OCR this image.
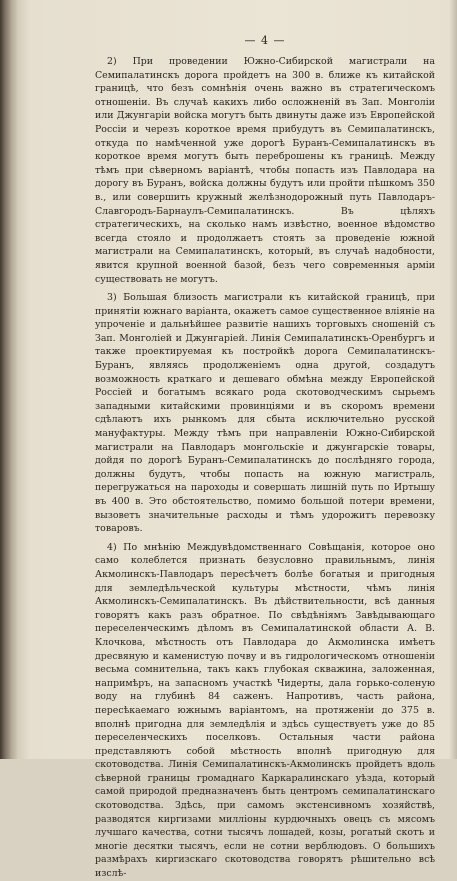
— 4 —

2) При проведении Южно-Сибирской магистрали на Семипалатинскъ дорога пройдетъ на 300 в. ближе къ китайской границѣ, что безъ сомнѣнія очень важно въ стратегическомъ отношеніи. Въ случаѣ какихъ либо осложненій въ Зап. Монголіи или Джунгаріи войска могутъ быть двинуты даже изъ Европейской Россіи и черезъ короткое время прибудутъ въ Семипалатинскъ, откуда по намѣченной уже дорогѣ Буранъ-Семипалатинскъ въ короткое время могутъ быть переброшены къ границѣ. Между тѣмъ при сѣверномъ варіантѣ, чтобы попасть изъ Павлодара на дорогу въ Буранъ, войска должны будутъ или пройти пѣшкомъ 350 в., или совершить кружный желѣзнодорожный путь Павлодаръ-Славгородъ-Барнаулъ-Семипалатинскъ. Въ цѣляхъ стратегическихъ, на сколько намъ извѣстно, военное вѣдомство всегда стояло и продолжаетъ стоять за проведеніе южной магистрали на Семипалатинскъ, который, въ случаѣ надобности, явится крупной военной базой, безъ чего современныя арміи существовать не могутъ.

3) Большая близость магистрали къ китайской границѣ, при принятіи южнаго варіанта, окажетъ самое существенное вліяніе на упроченіе и дальнѣйшее развитіе нашихъ торговыхъ сношеній съ Зап. Монголіей и Джунгаріей. Линія Семипалатинскъ-Оренбургъ и также проектируемая къ постройкѣ дорога Семипалатинскъ-Буранъ, являясь продолженіемъ одна другой, создадутъ возможность краткаго и дешеваго обмѣна между Европейской Россіей и богатымъ всякаго рода скотоводческимъ сырьемъ западными китайскими провинціями и въ скоромъ времени сдѣлаютъ ихъ рынкомъ для сбыта исключительно русской мануфактуры. Между тѣмъ при направленіи Южно-Сибирской магистрали на Павлодаръ монгольскіе и джунгарскіе товары, дойдя по дорогѣ Буранъ-Семипалатинскъ до послѣдняго города, должны будутъ, чтобы попасть на южную магистраль, перегружаться на пароходы и совершать лишній путь по Иртышу въ 400 в. Это обстоятельство, помимо большой потери времени, вызоветъ значительные расходы и тѣмъ удорожитъ перевозку товаровъ.

4) По мнѣнію Междувѣдомственнаго Совѣщанія, которое оно само колеблется признать безусловно правильнымъ, линія Акмолинскъ-Павлодаръ пересѣчетъ болѣе богатыя и пригодныя для земледѣльческой культуры мѣстности, чѣмъ линія Акмолинскъ-Семипалатинскъ. Въ дѣйствительности, всѣ данныя говорятъ какъ разъ обратное. По свѣдѣніямъ Завѣдывающаго переселенческимъ дѣломъ въ Семипалатинской области А. В. Клочкова, мѣстность отъ Павлодара до Акмолинска имѣетъ дресвяную и каменистую почву и въ гидрологическомъ отношеніи весьма сомнительна, такъ какъ глубокая скважина, заложенная, напримѣръ, на запасномъ участкѣ Чидерты, дала горько-соленую воду на глубинѣ 84 саженъ. Напротивъ, часть района, пересѣкаемаго южнымъ варіантомъ, на протяженіи до 375 в. вполнѣ пригодна для земледѣлія и здѣсь существуетъ уже до 85 переселенческихъ поселковъ. Остальныя части района представляютъ собой мѣстность вполнѣ пригодную для скотоводства. Линія Семипалатинскъ-Акмолинскъ пройдетъ вдоль сѣверной границы громаднаго Каркаралинскаго уѣзда, который самой природой предназначенъ быть центромъ семипалатинскаго скотоводства. Здѣсь, при самомъ экстенсивномъ хозяйствѣ, разводятся киргизами милліоны курдючныхъ овецъ съ мясомъ лучшаго качества, сотни тысячъ лошадей, козы, рогатый скотъ и многіе десятки тысячъ, если не сотни верблюдовъ. О большихъ размѣрахъ киргизскаго скотоводства говорятъ рѣшительно всѣ изслѣ-
